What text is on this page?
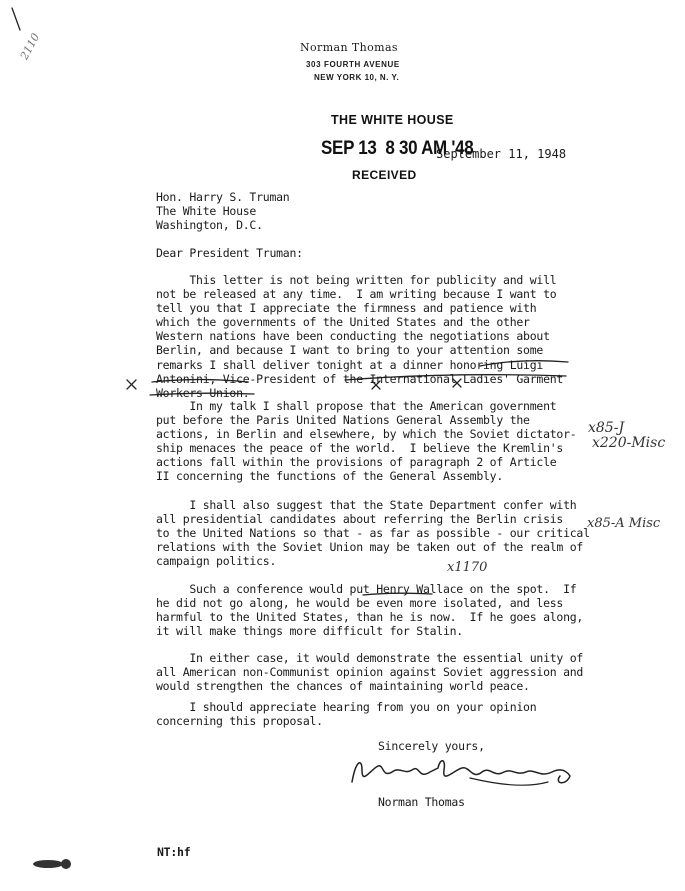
Norman Thomas
303 FOURTH AVENUE
NEW YORK 10, N. Y.
THE WHITE HOUSE
SEP 13  8 30 AM '48
RECEIVED
September 11, 1948
Hon. Harry S. Truman
The White House
Washington, D.C.
Dear President Truman:
This letter is not being written for publicity and will
not be released at any time.  I am writing because I want to
tell you that I appreciate the firmness and patience with
which the governments of the United States and the other
Western nations have been conducting the negotiations about
Berlin, and because I want to bring to your attention some
remarks I shall deliver tonight at a dinner honoring Luigi
Antonini, Vice-President of the International Ladies' Garment
Workers Union.
In my talk I shall propose that the American government
put before the Paris United Nations General Assembly the
actions, in Berlin and elsewhere, by which the Soviet dictator-
ship menaces the peace of the world.  I believe the Kremlin's
actions fall within the provisions of paragraph 2 of Article
II concerning the functions of the General Assembly.
I shall also suggest that the State Department confer with
all presidential candidates about referring the Berlin crisis
to the United Nations so that - as far as possible - our critical
relations with the Soviet Union may be taken out of the realm of
campaign politics.
Such a conference would put Henry Wallace on the spot.  If
he did not go along, he would be even more isolated, and less
harmful to the United States, than he is now.  If he goes along,
it will make things more difficult for Stalin.
In either case, it would demonstrate the essential unity of
all American non-Communist opinion against Soviet aggression and
would strengthen the chances of maintaining world peace.
I should appreciate hearing from you on your opinion
concerning this proposal.
Sincerely yours,
Norman Thomas
NT:hf
x85-J
x220-Misc
x85-A Misc
x1170
2110
